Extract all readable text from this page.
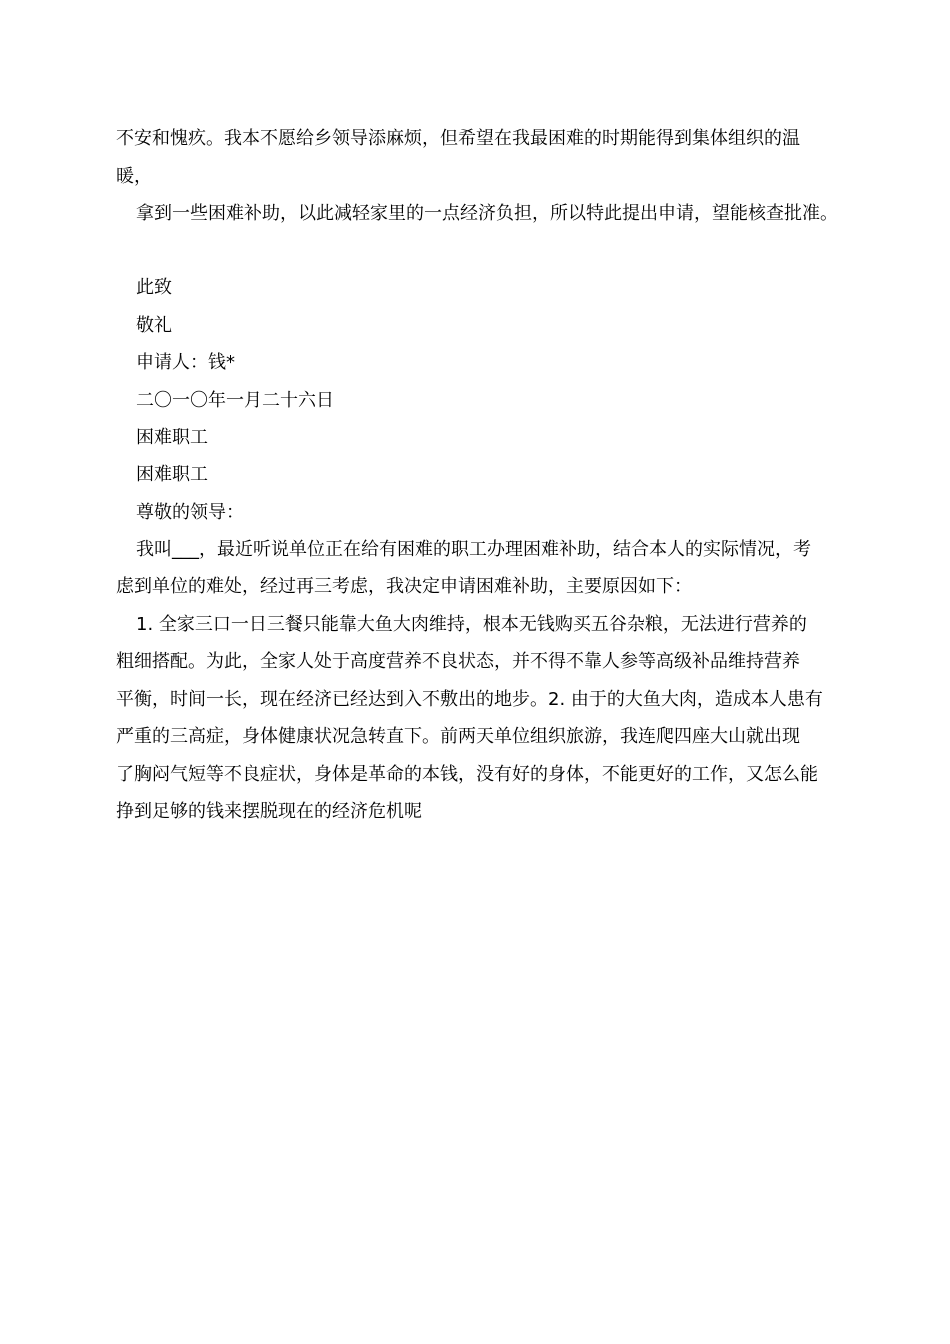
不安和愧疚。我本不愿给乡领导添麻烦，但希望在我最困难的时期能得到集体组织的温
暖，
拿到一些困难补助，以此减轻家里的一点经济负担，所以特此提出申请，望能核查批准。
此致
敬礼
申请人：钱*
二〇一〇年一月二十六日
困难职工
困难职工
尊敬的领导：
我叫___，最近听说单位正在给有困难的职工办理困难补助，结合本人的实际情况，考
虑到单位的难处，经过再三考虑，我决定申请困难补助，主要原因如下：
1. 全家三口一日三餐只能靠大鱼大肉维持，根本无钱购买五谷杂粮，无法进行营养的
粗细搭配。为此，全家人处于高度营养不良状态，并不得不靠人参等高级补品维持营养
平衡，时间一长，现在经济已经达到入不敷出的地步。2. 由于的大鱼大肉，造成本人患有
严重的三高症，身体健康状况急转直下。前两天单位组织旅游，我连爬四座大山就出现
了胸闷气短等不良症状，身体是革命的本钱，没有好的身体，不能更好的工作，又怎么能
挣到足够的钱来摆脱现在的经济危机呢
